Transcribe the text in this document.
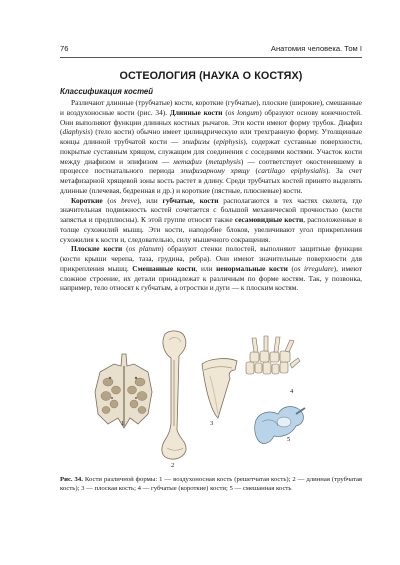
76	Анатомия человека. Том I
ОСТЕОЛОГИЯ (НАУКА О КОСТЯХ)
Классификация костей

Различают длинные (трубчатые) кости, короткие (губчатые), плоские (широкие), смешанные и воздухоносные кости (рис. 34). Длинные кости (os longum) образуют основу конечностей. Они выполняют функции длинных костных рычагов. Эти кости имеют форму трубок. Диафиз (diaphysis) (тело кости) обычно имеет цилиндрическую или трехгранную форму. Утолщенные концы длинной трубчатой кости — эпифизы (epiphysis), содержат суставные поверхности, покрытые суставным хрящом, служащим для соединения с соседними костями. Участок кости между диафизом и эпифизом — метафиз (metaphysis) — соответствует окостеневшему в процессе постнатального периода эпифизарному хрящу (cartilago epiphysialis). За счет метафизарной хрящевой зоны кость растет в длину. Среди трубчатых костей принято выделять длинные (плечевая, бедренная и др.) и короткие (пястные, плюсневые) кости.

Короткие (os breve), или губчатые, кости располагаются в тех частях скелета, где значительная подвижность костей сочетается с большой механической прочностью (кости запястья и предплюсны). К этой группе относят также сесамовидные кости, расположенные в толще сухожилий мышц. Эти кости, наподобие блоков, увеличивают угол прикрепления сухожилия к кости и, следовательно, силу мышечного сокращения.

Плоские кости (os planum) образуют стенки полостей, выполняют защитные функции (кости крыши черепа, таза, грудина, ребра). Они имеют значительные поверхности для прикрепления мышц. Смешанные кости, или ненормальные кости (os irregulare), имеют сложное строение, их детали принадлежат к различным по форме костям. Так, у позвонка, например, тело относят к губчатым, а отростки и дуги — к плоским костям.

1
2
3
4
5
Рис. 34. Кости различной формы: 1 — воздухоносная кость (решетчатая кость); 2 — длинная (трубчатая кость); 3 — плоская кость; 4 — губчатые (короткие) кости; 5 — смешанная кость
